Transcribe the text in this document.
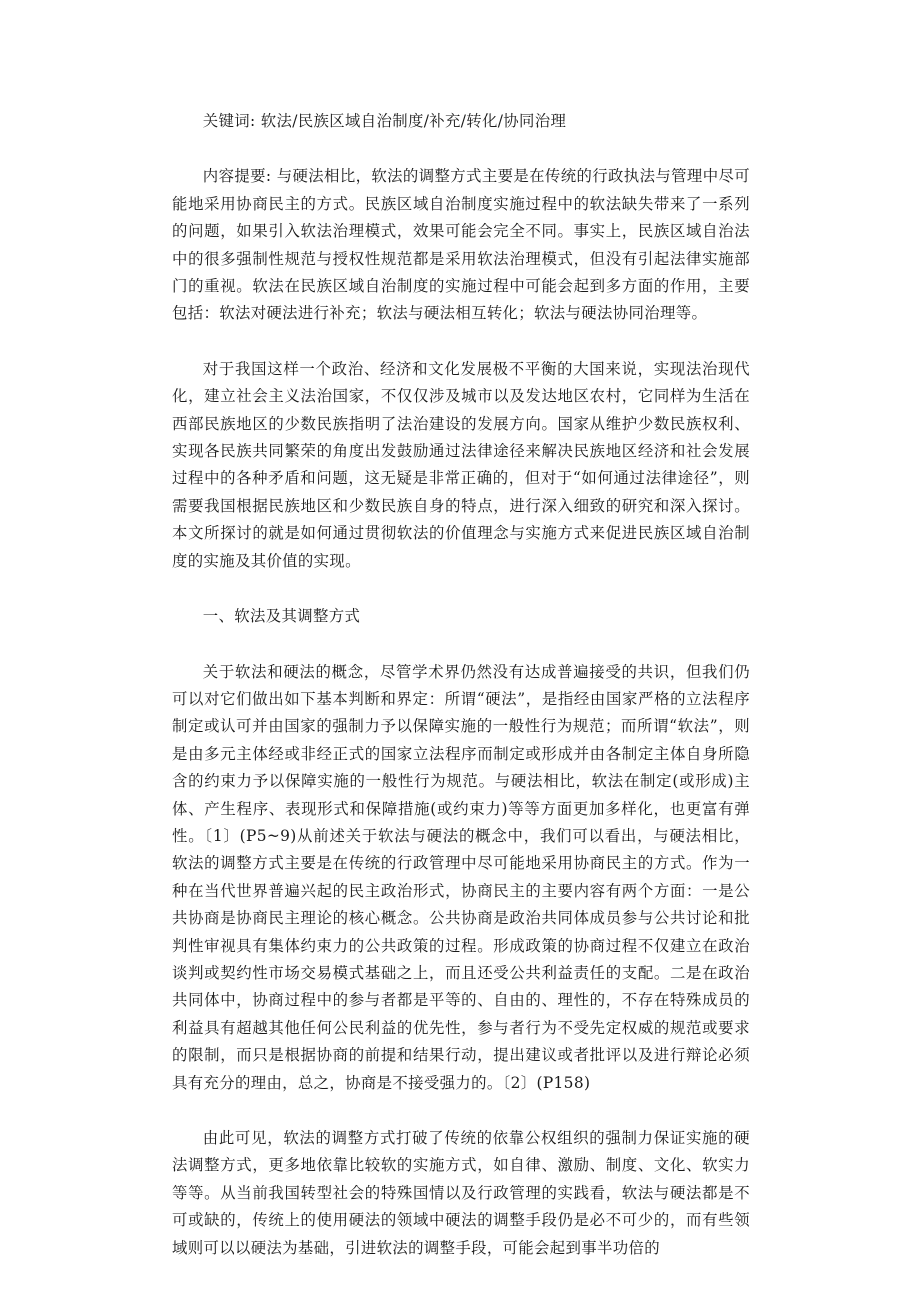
关键词: 软法/民族区域自治制度/补充/转化/协同治理

内容提要: 与硬法相比，软法的调整方式主要是在传统的行政执法与管理中尽可能地采用协商民主的方式。民族区域自治制度实施过程中的软法缺失带来了一系列的问题，如果引入软法治理模式，效果可能会完全不同。事实上，民族区域自治法中的很多强制性规范与授权性规范都是采用软法治理模式，但没有引起法律实施部门的重视。软法在民族区域自治制度的实施过程中可能会起到多方面的作用，主要包括：软法对硬法进行补充；软法与硬法相互转化；软法与硬法协同治理等。

对于我国这样一个政治、经济和文化发展极不平衡的大国来说，实现法治现代化，建立社会主义法治国家，不仅仅涉及城市以及发达地区农村，它同样为生活在西部民族地区的少数民族指明了法治建设的发展方向。国家从维护少数民族权利、实现各民族共同繁荣的角度出发鼓励通过法律途径来解决民族地区经济和社会发展过程中的各种矛盾和问题，这无疑是非常正确的，但对于“如何通过法律途径”，则需要我国根据民族地区和少数民族自身的特点，进行深入细致的研究和深入探讨。本文所探讨的就是如何通过贯彻软法的价值理念与实施方式来促进民族区域自治制度的实施及其价值的实现。

一、软法及其调整方式

关于软法和硬法的概念，尽管学术界仍然没有达成普遍接受的共识，但我们仍可以对它们做出如下基本判断和界定：所谓“硬法”，是指经由国家严格的立法程序制定或认可并由国家的强制力予以保障实施的一般性行为规范；而所谓“软法”，则是由多元主体经或非经正式的国家立法程序而制定或形成并由各制定主体自身所隐含的约束力予以保障实施的一般性行为规范。与硬法相比，软法在制定(或形成)主体、产生程序、表现形式和保障措施(或约束力)等等方面更加多样化，也更富有弹性。〔1〕(P5~9)从前述关于软法与硬法的概念中，我们可以看出，与硬法相比，软法的调整方式主要是在传统的行政管理中尽可能地采用协商民主的方式。作为一种在当代世界普遍兴起的民主政治形式，协商民主的主要内容有两个方面：一是公共协商是协商民主理论的核心概念。公共协商是政治共同体成员参与公共讨论和批判性审视具有集体约束力的公共政策的过程。形成政策的协商过程不仅建立在政治谈判或契约性市场交易模式基础之上，而且还受公共利益责任的支配。二是在政治共同体中，协商过程中的参与者都是平等的、自由的、理性的，不存在特殊成员的利益具有超越其他任何公民利益的优先性，参与者行为不受先定权威的规范或要求的限制，而只是根据协商的前提和结果行动，提出建议或者批评以及进行辩论必须具有充分的理由，总之，协商是不接受强力的。〔2〕(P158)

由此可见，软法的调整方式打破了传统的依靠公权组织的强制力保证实施的硬法调整方式，更多地依靠比较软的实施方式，如自律、激励、制度、文化、软实力等等。从当前我国转型社会的特殊国情以及行政管理的实践看，软法与硬法都是不可或缺的，传统上的使用硬法的领域中硬法的调整手段仍是必不可少的，而有些领域则可以以硬法为基础，引进软法的调整手段，可能会起到事半功倍的
